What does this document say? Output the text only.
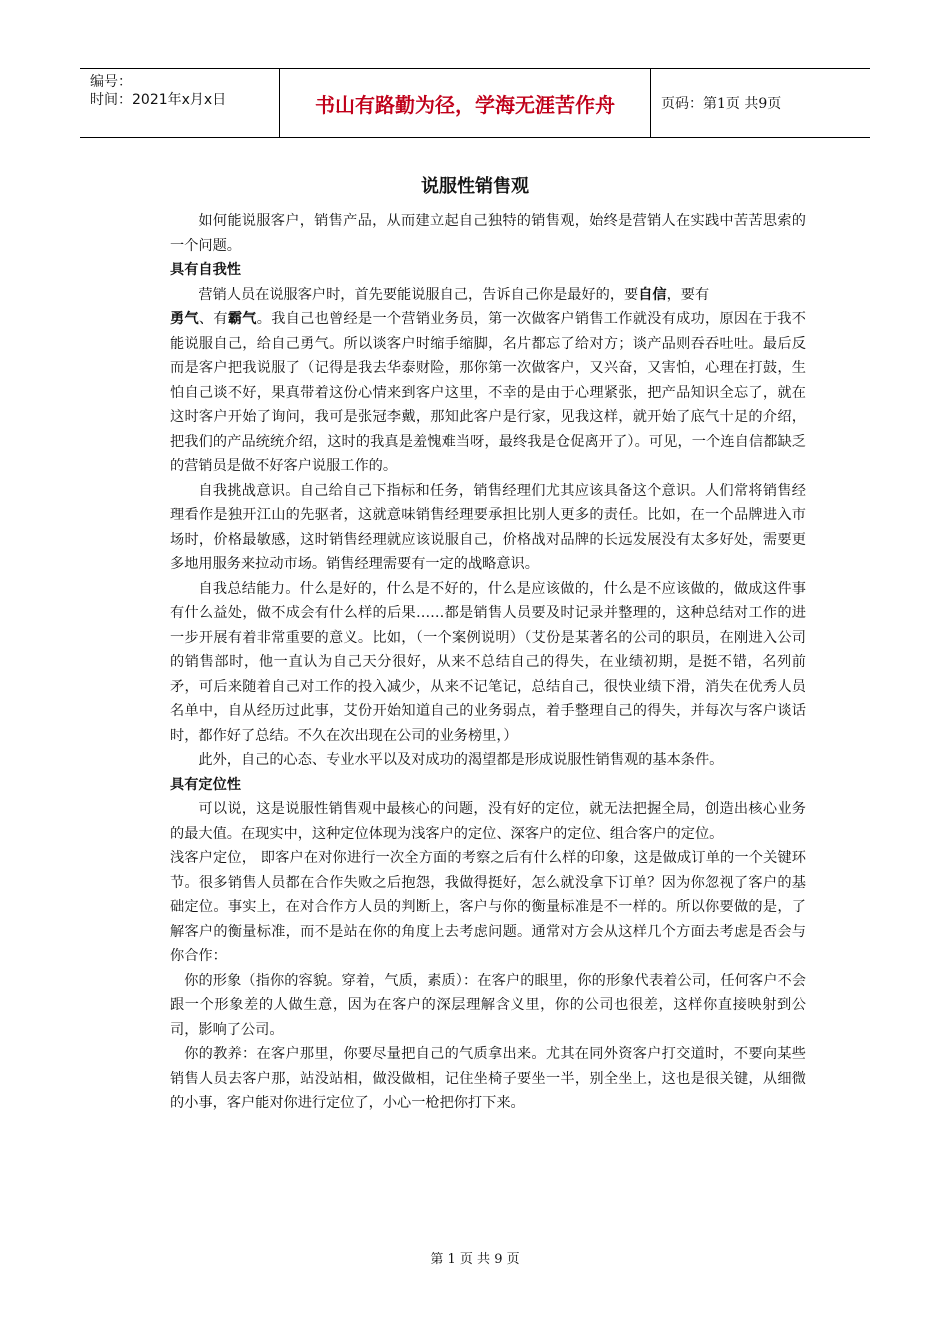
编号：
时间：2021年x月x日	书山有路勤为径，学海无涯苦作舟	页码：第1页 共9页
说服性销售观

如何能说服客户，销售产品，从而建立起自己独特的销售观，始终是营销人在实践中苦苦思索的一个问题。

具有自我性

营销人员在说服客户时，首先要能说服自己，告诉自己你是最好的，要自信，要有
勇气、有霸气。我自己也曾经是一个营销业务员，第一次做客户销售工作就没有成功，原因在于我不能说服自己，给自己勇气。所以谈客户时缩手缩脚，名片都忘了给对方；谈产品则吞吞吐吐。最后反而是客户把我说服了（记得是我去华泰财险，那你第一次做客户，又兴奋，又害怕，心理在打鼓，生怕自己谈不好，果真带着这份心情来到客户这里，不幸的是由于心理紧张，把产品知识全忘了，就在这时客户开始了询问，我可是张冠李戴，那知此客户是行家，见我这样，就开始了底气十足的介绍，把我们的产品统统介绍，这时的我真是羞愧难当呀，最终我是仓促离开了）。可见，一个连自信都缺乏的营销员是做不好客户说服工作的。

自我挑战意识。自己给自己下指标和任务，销售经理们尤其应该具备这个意识。人们常将销售经理看作是独开江山的先驱者，这就意味销售经理要承担比别人更多的责任。比如，在一个品牌进入市场时，价格最敏感，这时销售经理就应该说服自己，价格战对品牌的长远发展没有太多好处，需要更多地用服务来拉动市场。销售经理需要有一定的战略意识。

自我总结能力。什么是好的，什么是不好的，什么是应该做的，什么是不应该做的，做成这件事有什么益处，做不成会有什么样的后果……都是销售人员要及时记录并整理的，这种总结对工作的进一步开展有着非常重要的意义。比如，（一个案例说明）（艾份是某著名的公司的职员，在刚进入公司的销售部时，他一直认为自己天分很好，从来不总结自己的得失，在业绩初期，是挺不错，名列前矛，可后来随着自己对工作的投入减少，从来不记笔记，总结自己，很快业绩下滑，消失在优秀人员名单中，自从经历过此事，艾份开始知道自己的业务弱点，着手整理自己的得失，并每次与客户谈话时，都作好了总结。不久在次出现在公司的业务榜里，）

此外，自己的心态、专业水平以及对成功的渴望都是形成说服性销售观的基本条件。

具有定位性

可以说，这是说服性销售观中最核心的问题，没有好的定位，就无法把握全局，创造出核心业务的最大值。在现实中，这种定位体现为浅客户的定位、深客户的定位、组合客户的定位。

浅客户定位， 即客户在对你进行一次全方面的考察之后有什么样的印象，这是做成订单的一个关键环节。很多销售人员都在合作失败之后抱怨，我做得挺好，怎么就没拿下订单？因为你忽视了客户的基础定位。事实上，在对合作方人员的判断上，客户与你的衡量标准是不一样的。所以你要做的是，了解客户的衡量标准，而不是站在你的角度上去考虑问题。通常对方会从这样几个方面去考虑是否会与你合作：

你的形象（指你的容貌。穿着，气质，素质）：在客户的眼里，你的形象代表着公司，任何客户不会跟一个形象差的人做生意，因为在客户的深层理解含义里，你的公司也很差，这样你直接映射到公司，影响了公司。

你的教养：在客户那里，你要尽量把自己的气质拿出来。尤其在同外资客户打交道时，不要向某些销售人员去客户那，站没站相，做没做相，记住坐椅子要坐一半，别全坐上，这也是很关键，从细微的小事，客户能对你进行定位了，小心一枪把你打下来。

第 1 页 共 9 页
